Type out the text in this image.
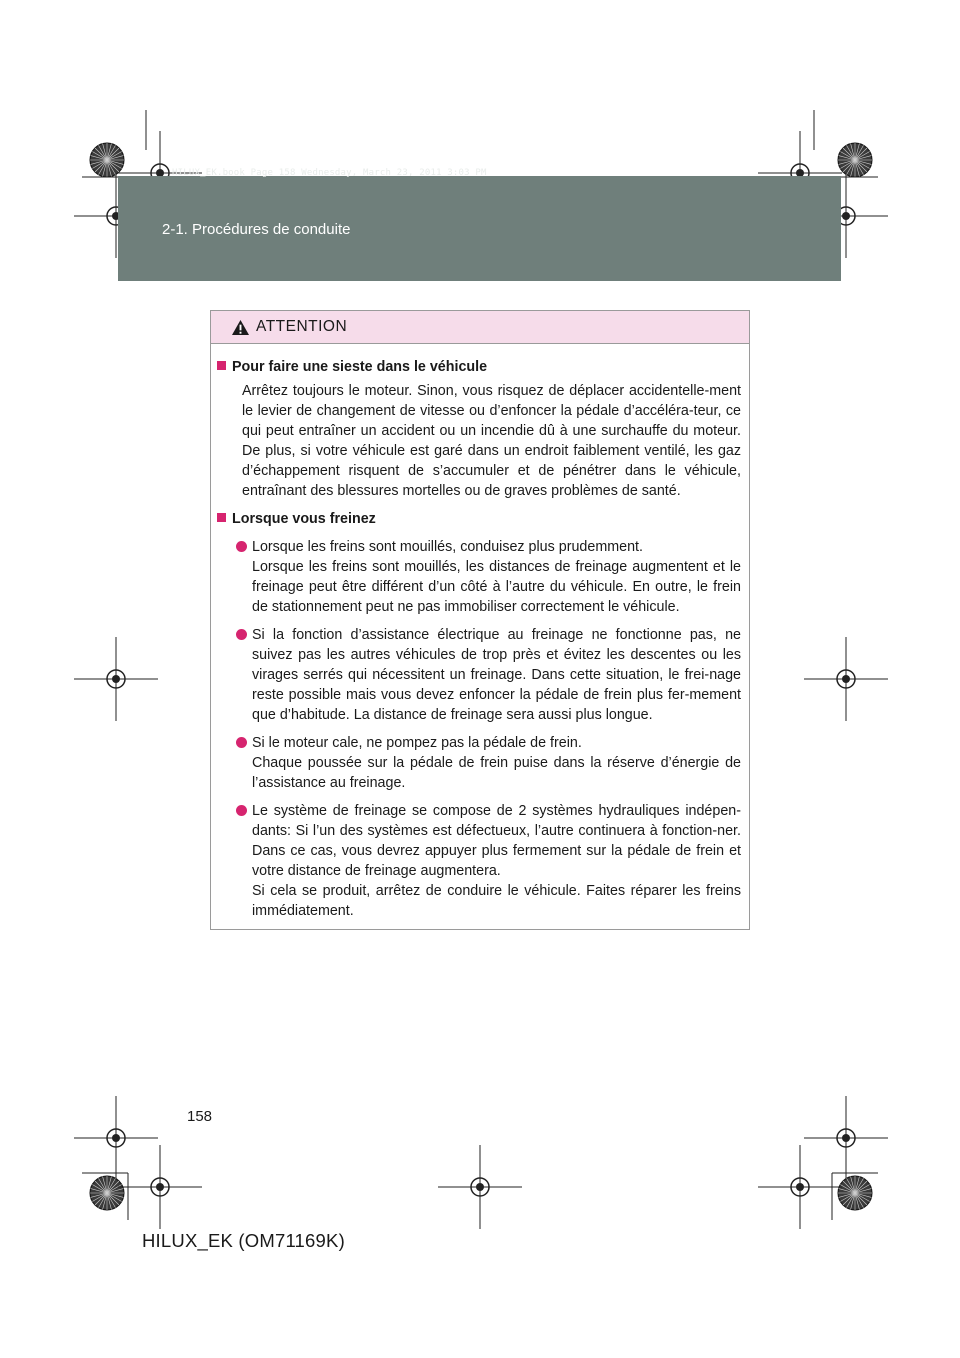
HILUX_EK.book Page 158 Wednesday, March 23, 2011 3:03 PM
2-1. Procédures de conduite
ATTENTION
Pour faire une sieste dans le véhicule

Arrêtez toujours le moteur. Sinon, vous risquez de déplacer accidentelle-ment le levier de changement de vitesse ou d’enfoncer la pédale d’accéléra-teur, ce qui peut entraîner un accident ou un incendie dû à une surchauffe du moteur. De plus, si votre véhicule est garé dans un endroit faiblement ventilé, les gaz d’échappement risquent de s’accumuler et de pénétrer dans le véhicule, entraînant des blessures mortelles ou de graves problèmes de santé.

Lorsque vous freinez

Lorsque les freins sont mouillés, conduisez plus prudemment.

Lorsque les freins sont mouillés, les distances de freinage augmentent et le freinage peut être différent d’un côté à l’autre du véhicule. En outre, le frein de stationnement peut ne pas immobiliser correctement le véhicule.

Si la fonction d’assistance électrique au freinage ne fonctionne pas, ne suivez pas les autres véhicules de trop près et évitez les descentes ou les virages serrés qui nécessitent un freinage. Dans cette situation, le frei-nage reste possible mais vous devez enfoncer la pédale de frein plus fer-mement que d’habitude. La distance de freinage sera aussi plus longue.

Si le moteur cale, ne pompez pas la pédale de frein.

Chaque poussée sur la pédale de frein puise dans la réserve d’énergie de l’assistance au freinage.

Le système de freinage se compose de 2 systèmes hydrauliques indépen-dants: Si l’un des systèmes est défectueux, l’autre continuera à fonction-ner. Dans ce cas, vous devrez appuyer plus fermement sur la pédale de frein et votre distance de freinage augmentera.

Si cela se produit, arrêtez de conduire le véhicule. Faites réparer les freins immédiatement.

158
HILUX_EK (OM71169K)
